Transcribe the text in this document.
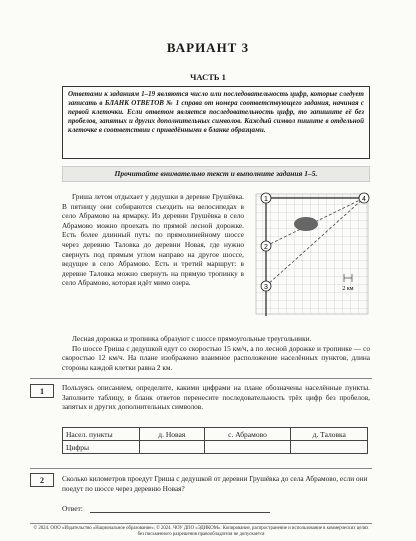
ВАРИАНТ 3
ЧАСТЬ 1
Ответами к заданиям 1–19 являются число или последовательность цифр, которые следует записать в БЛАНК ОТВЕТОВ № 1 справа от номера соответствующего задания, начиная с первой клеточки. Если ответом является последовательность цифр, то запишите её без пробелов, запятых и других дополнительных символов. Каждый символ пишите в отдельной клеточке в соответствии с приведёнными в бланке образцами.
Прочитайте внимательно текст и выполните задания 1–5.

Гриша летом отдыхает у дедушки в деревне Грушёвка. В пятницу они собираются съездить на велосипедах в село Абрамово на ярмарку. Из деревни Грушёвка в село Абрамово можно проехать по прямой лесной дорожке. Есть более длинный путь: по прямолинейному шоссе через деревню Таловка до деревни Новая, где нужно свернуть под прямым углом направо на другое шоссе, ведущее в село Абрамово. Есть и третий маршрут: в деревне Таловка можно свернуть на прямую тропинку в село Абрамово, которая идёт мимо озера.

1	4
2
3	2 км

Лесная дорожка и тропинка образуют с шоссе прямоугольные треугольники.

По шоссе Гриша с дедушкой едут со скоростью 15 км/ч, а по лесной дорожке и тропинке — со скоростью 12 км/ч. На плане изображено взаимное расположение населённых пунктов, длина стороны каждой клетки равна 2 км.

1	Пользуясь описанием, определите, какими цифрами на плане обозначены населённые пункты. Заполните таблицу, в бланк ответов перенесите последовательность трёх цифр без пробелов, запятых и других дополнительных символов.
Насел. пункты	д. Новая	с. Абрамово	д. Таловка
Цифры			
2	Сколько километров проедут Гриша с дедушкой от деревни Грушёвка до села Абрамово, если они поедут по шоссе через деревню Новая?
Ответ:
© 2024. ООО «Издательство «Национальное образование». © 2024. ЧОУ ДПО «ЭДИКОМ». Копирование, распространение и использование в коммерческих целях без письменного разрешения правообладателя не допускается
